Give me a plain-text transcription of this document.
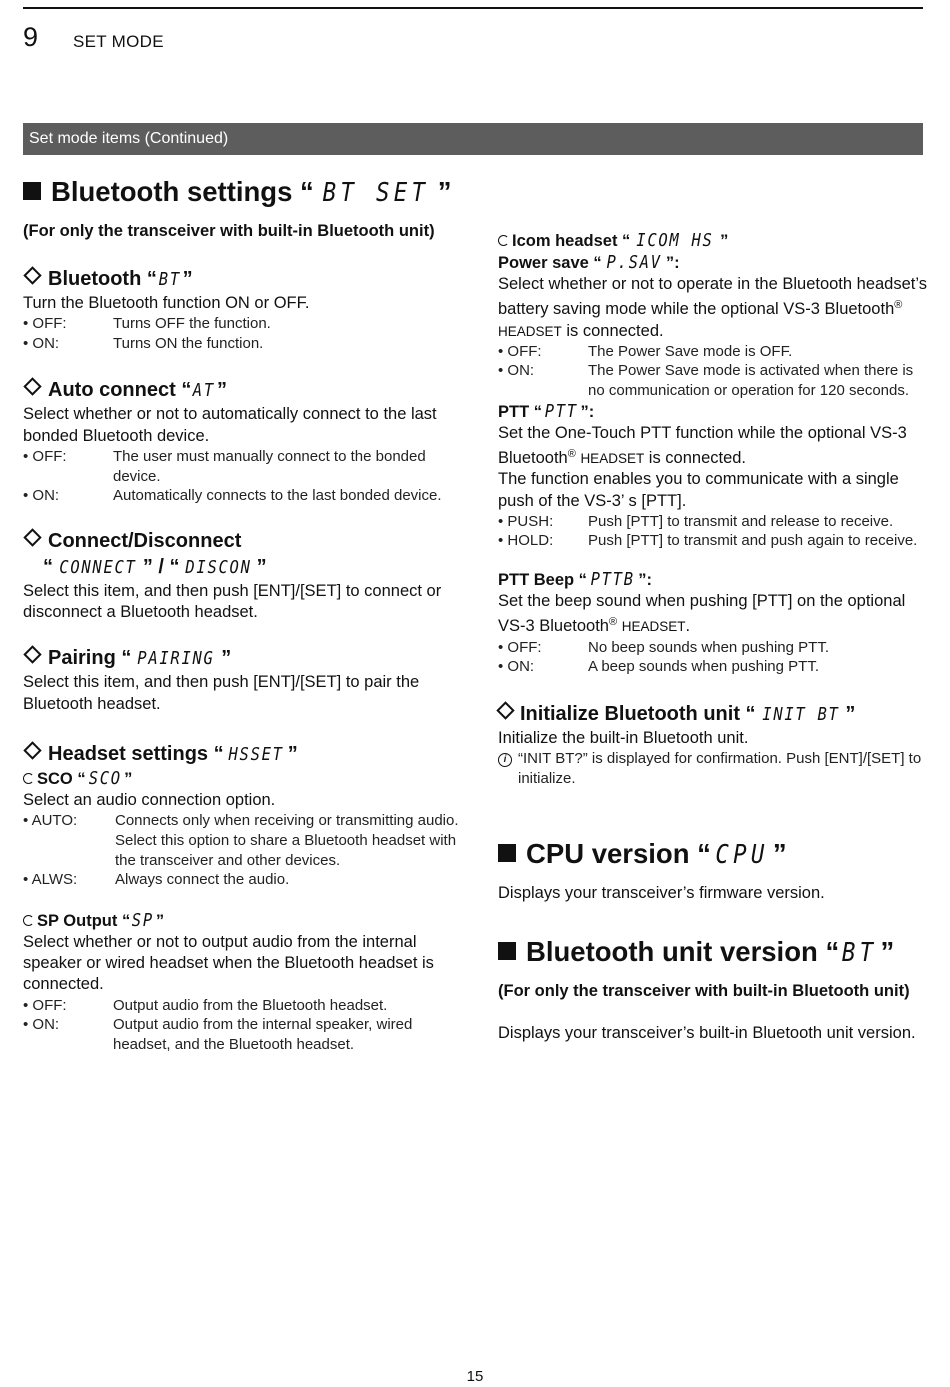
9 SET MODE
Set mode items (Continued)
Bluetooth settings “ BT SET ”
(For only the transceiver with built-in Bluetooth unit)
Bluetooth “BT”
Turn the Bluetooth function ON or OFF.
• OFF:	Turns OFF the function.
• ON:	Turns ON the function.
Auto connect “AT”
Select whether or not to automatically connect to the last bonded Bluetooth device.
• OFF:	The user must manually connect to the bonded device.
• ON:	Automatically connects to the last bonded device.
Connect/Disconnect
“ CONNECT ” / “ DISCON ”
Select this item, and then push [ENT]/[SET] to connect or disconnect a Bluetooth headset.
Pairing “ PAIRING ”
Select this item, and then push [ENT]/[SET] to pair the Bluetooth headset.
Headset settings “ HSSET ”
SCO “ SCO ”
Select an audio connection option.
• AUTO:	Connects only when receiving or transmitting audio.
Select this option to share a Bluetooth headset with the transceiver and other devices.
• ALWS:	Always connect the audio.
SP Output “SP ”
Select whether or not to output audio from the internal speaker or wired headset when the Bluetooth headset is connected.
• OFF:	Output audio from the Bluetooth headset.
• ON:	Output audio from the internal speaker, wired headset, and the Bluetooth headset.
Icom headset “ ICOM HS ”
Power save “ P.SAV ”:
Select whether or not to operate in the Bluetooth headset’s battery saving mode while the optional VS-3 Bluetooth® HEADSET is connected.
• OFF:	The Power Save mode is OFF.
• ON:	The Power Save mode is activated when there is no communication or operation for 120 seconds.
PTT “ PTT ”:
Set the One-Touch PTT function while the optional VS-3 Bluetooth® HEADSET is connected.
The function enables you to communicate with a single push of the VS-3’ s [PTT].
• PUSH:	Push [PTT] to transmit and release to receive.
• HOLD:	Push [PTT] to transmit and push again to receive.
PTT Beep “ PTTB ”:
Set the beep sound when pushing [PTT] on the optional VS-3 Bluetooth® HEADSET.
• OFF:	No beep sounds when pushing PTT.
• ON:	A beep sounds when pushing PTT.
Initialize Bluetooth unit “ INIT BT ”
Initialize the built-in Bluetooth unit.
i “INIT BT?” is displayed for confirmation. Push [ENT]/[SET] to initialize.
CPU version “ CPU ”
Displays your transceiver’s firmware version.
Bluetooth unit version “ BT ”
(For only the transceiver with built-in Bluetooth unit)
Displays your transceiver’s built-in Bluetooth unit version.
15
